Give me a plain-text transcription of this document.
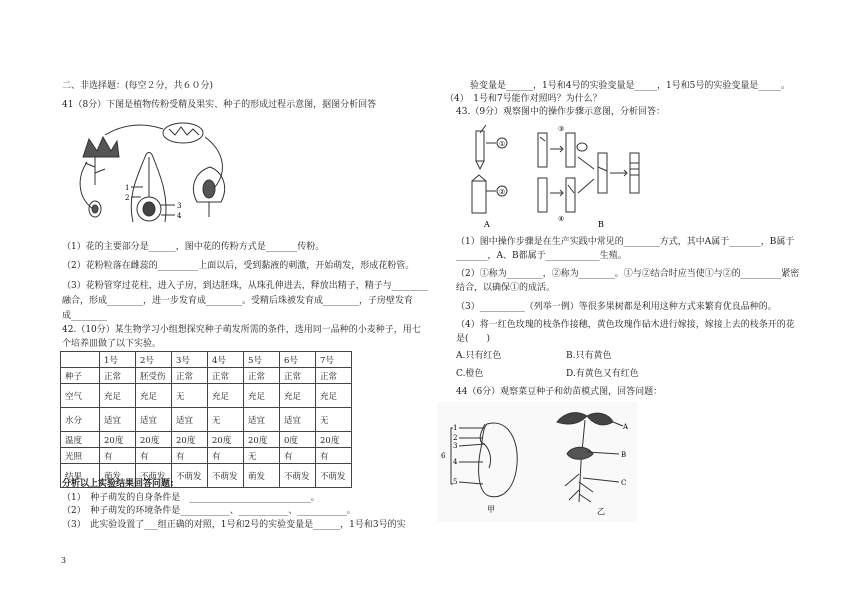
二、非选择题：(每空２分，共６０分)
41（8分）下图是植物传粉受精及果实、种子的形成过程示意图，据图分析回答
1
2
3
4
（1）花的主要部分是______，图中花的传粉方式是_______传粉。
（2）花粉粒落在雌蕊的_________上面以后，受到黏液的刺激，开始萌发，形成花粉管。
（3）花粉管穿过花柱，进入子房，到达胚珠，从珠孔伸进去，释放出精子，精子与________
融合，形成________，进一步发育成________。受精后珠被发育成________，子房壁发育
成________
42.（10分）某生物学习小组想探究种子萌发所需的条件，选用同一品种的小麦种子，用七
个培养皿做了以下实验。
	1号	2号	3号	4号	5号	6号	7号
种子	正常	胚受伤	正常	正常	正常	正常	正常
空气	充足	充足	无	充足	充足	充足	充足
水分	适宜	适宜	适宜	无	适宜	适宜	无
温度	20度	20度	20度	20度	20度	0度	20度
光照	有	有	有	有	无	有	有
结果	萌发	不萌发	不萌发	不萌发	萌发	不萌发	不萌发
分析以上实验结果回答问题:
（1）　种子萌发的自身条件是　___________________________。
（2）　种子萌发的环境条件是___________、___________、___________。
（3）　此实验设置了___组正确的对照，1号和2号的实验变量是______，1号和3号的实
3
验变量是______，1号和4号的实验变量是_____，1号和5号的实验变量是_____。
（4）　1号和7号能作对照吗？为什么？
43.（9分）观察图中的操作步骤示意图，分析回答：
①
②
③
④
A	B
（1）图中操作步骤是在生产实践中常见的________方式，其中A属于_______，B属于
_______，A、B都属于____________生殖。
（2）①称为________，②称为________。①与②结合时应当使①与②的_________紧密
结合，以确保①的成活。
（3）__________（列举一例）等很多果树都是利用这种方式来繁育优良品种的。
（4）将一红色玫瑰的枝条作接穗，黄色玫瑰作砧木进行嫁接，嫁接上去的枝条开的花
是(　　)
A.只有红色	B.只有黄色
C.橙色	D.有黄色又有红色
44（6分）观察菜豆种子和幼苗模式图，回答问题：
1
2
3
4
5
6
A
B
C
甲	乙
